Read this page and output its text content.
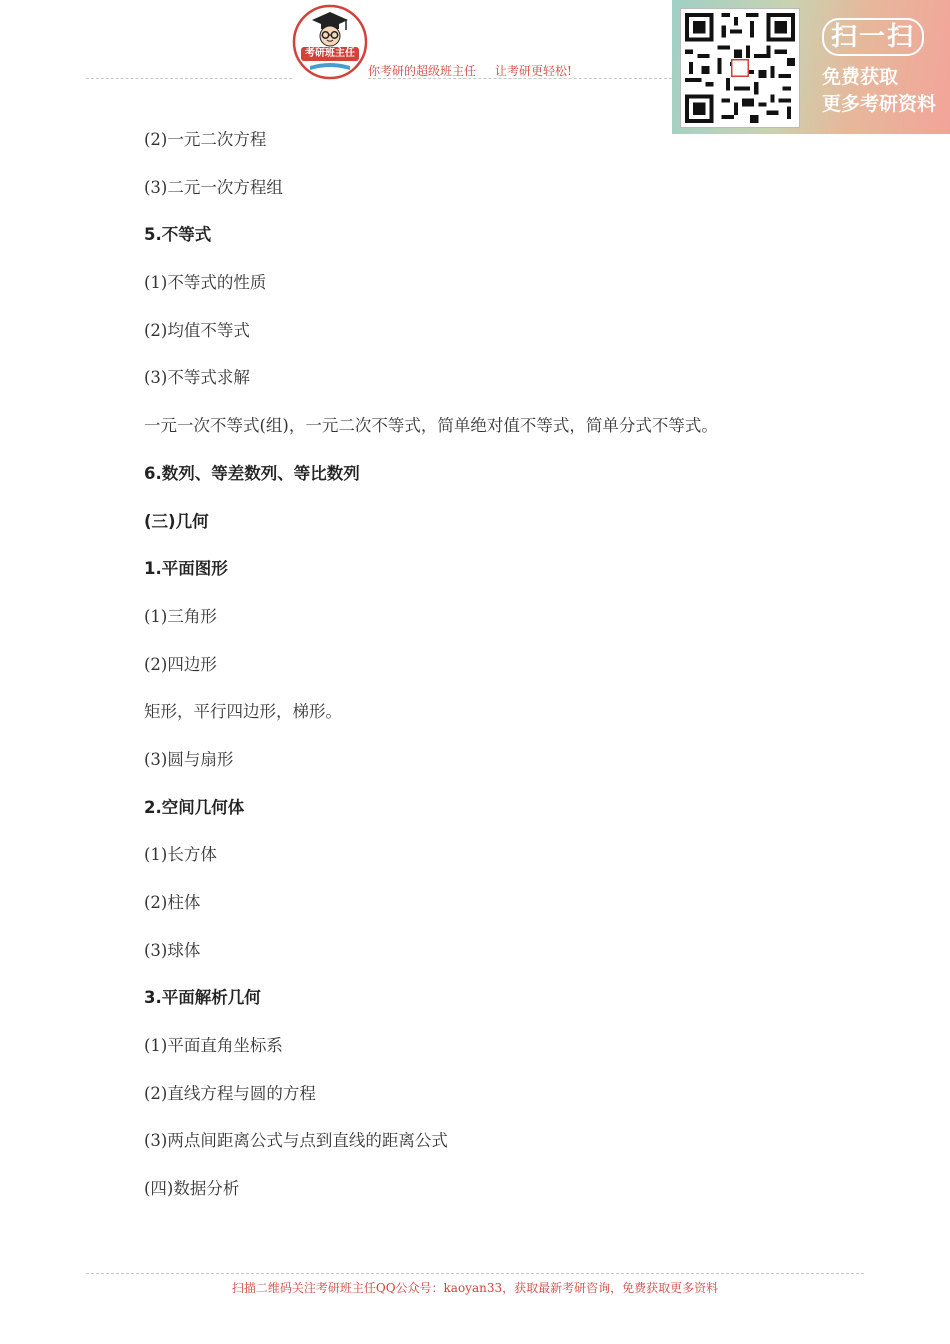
考研班主任
你考研的超级班主任 让考研更轻松!
扫一扫
免费获取
更多考研资料
(2)一元二次方程
(3)二元一次方程组
5.不等式
(1)不等式的性质
(2)均值不等式
(3)不等式求解
一元一次不等式(组)，一元二次不等式，简单绝对值不等式，简单分式不等式。
6.数列、等差数列、等比数列
(三)几何
1.平面图形
(1)三角形
(2)四边形
矩形，平行四边形，梯形。
(3)圆与扇形
2.空间几何体
(1)长方体
(2)柱体
(3)球体
3.平面解析几何
(1)平面直角坐标系
(2)直线方程与圆的方程
(3)两点间距离公式与点到直线的距离公式
(四)数据分析
扫描二维码关注考研班主任QQ公众号：kaoyan33，获取最新考研咨询，免费获取更多资料
